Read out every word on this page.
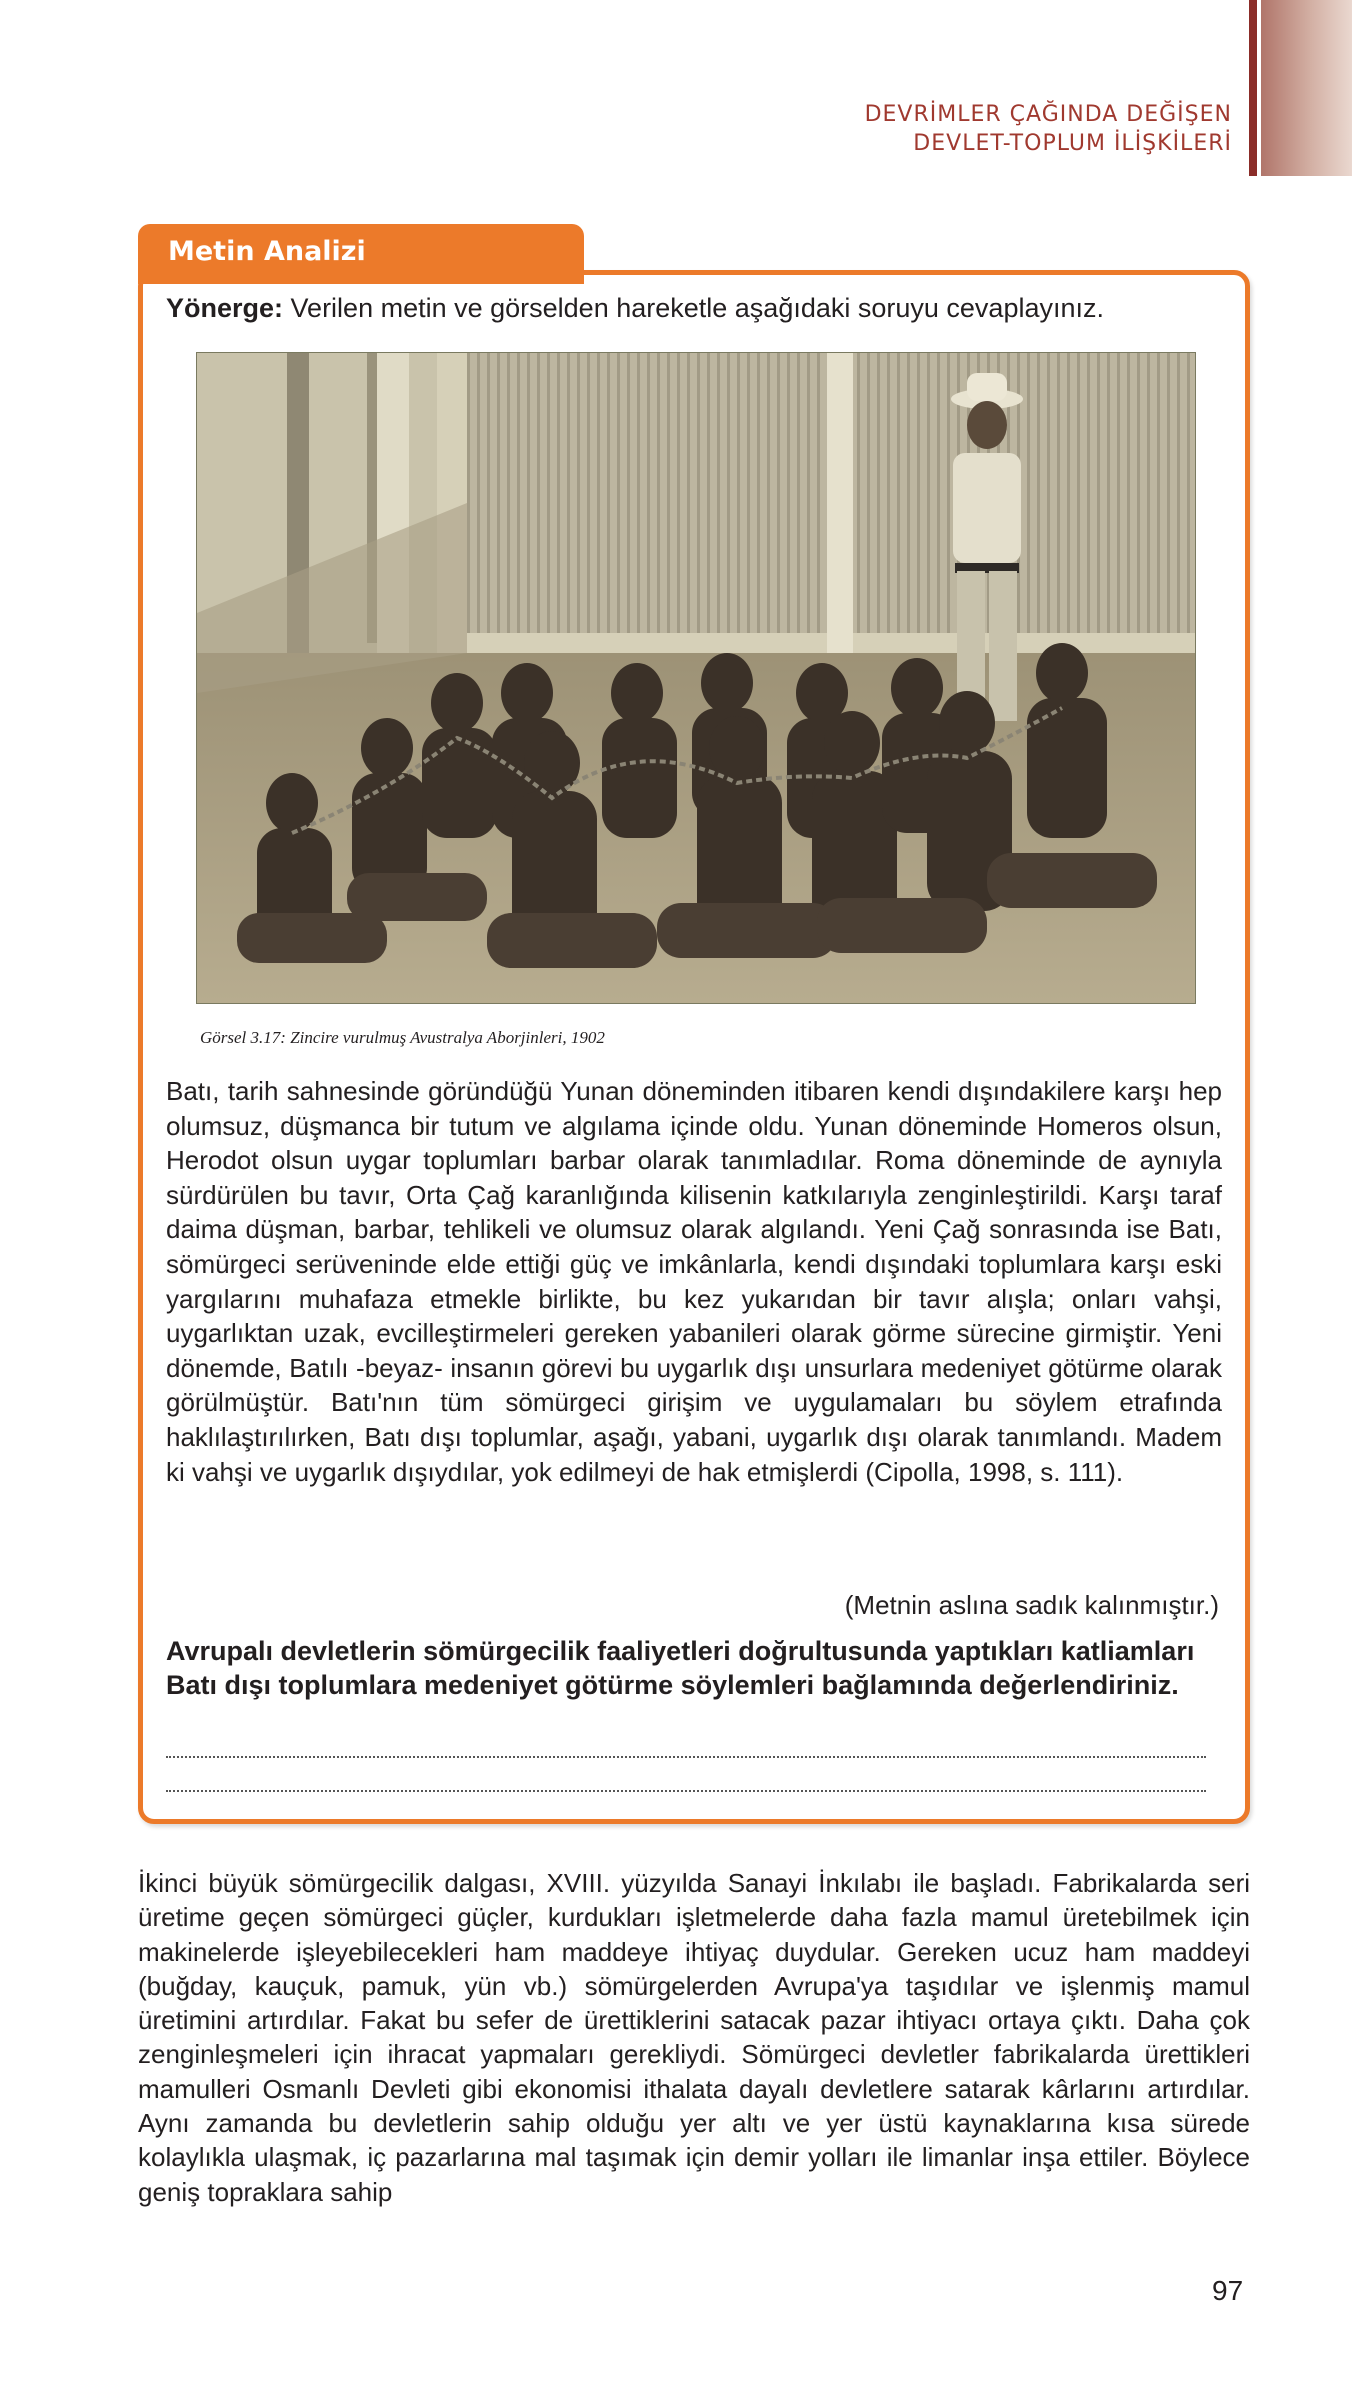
DEVRİMLER ÇAĞINDA DEĞİŞEN
DEVLET-TOPLUM İLİŞKİLERİ
Metin Analizi
Yönerge: Verilen metin ve görselden hareketle aşağıdaki soruyu cevaplayınız.
Görsel 3.17: Zincire vurulmuş Avustralya Aborjinleri, 1902

Batı, tarih sahnesinde göründüğü Yunan döneminden itibaren kendi dışındakilere karşı hep olumsuz, düşmanca bir tutum ve algılama içinde oldu. Yunan döneminde Homeros olsun, Herodot olsun uygar toplumları barbar olarak tanımladılar. Roma döneminde de aynıyla sürdürülen bu tavır, Orta Çağ karanlığında kilisenin katkılarıyla zenginleştirildi. Karşı taraf daima düşman, barbar, tehlikeli ve olumsuz olarak algılandı. Yeni Çağ sonrasında ise Batı, sömürgeci serüveninde elde ettiği güç ve imkânlarla, kendi dışındaki toplumlara karşı eski yargılarını muhafaza etmekle birlikte, bu kez yukarıdan bir tavır alışla; onları vahşi, uygarlıktan uzak, evcilleştirmeleri gereken yabanileri olarak görme sürecine girmiştir. Yeni dönemde, Batılı -beyaz- insanın görevi bu uygarlık dışı unsurlara medeniyet götürme olarak görülmüştür. Batı'nın tüm sömürgeci girişim ve uygulamaları bu söylem etrafında haklılaştırılırken, Batı dışı toplumlar, aşağı, yabani, uygarlık dışı olarak tanımlandı. Madem ki vahşi ve uygarlık dışıydılar, yok edilmeyi de hak etmişlerdi (Cipolla, 1998, s. 111).

(Metnin aslına sadık kalınmıştır.)

Avrupalı devletlerin sömürgecilik faaliyetleri doğrultusunda yaptıkları katliamları Batı dışı toplumlara medeniyet götürme söylemleri bağlamında değerlendiriniz.

İkinci büyük sömürgecilik dalgası, XVIII. yüzyılda Sanayi İnkılabı ile başladı. Fabrikalarda seri üretime geçen sömürgeci güçler, kurdukları işletmelerde daha fazla mamul üretebilmek için makinelerde işleyebilecekleri ham maddeye ihtiyaç duydular. Gereken ucuz ham maddeyi (buğday, kauçuk, pamuk, yün vb.) sömürgelerden Avrupa'ya taşıdılar ve işlenmiş mamul üretimini artırdılar. Fakat bu sefer de ürettiklerini satacak pazar ihtiyacı ortaya çıktı. Daha çok zenginleşmeleri için ihracat yapmaları gerekliydi. Sömürgeci devletler fabrikalarda ürettikleri mamulleri Osmanlı Devleti gibi ekonomisi ithalata dayalı devletlere satarak kârlarını artırdılar. Aynı zamanda bu devletlerin sahip olduğu yer altı ve yer üstü kaynaklarına kısa sürede kolaylıkla ulaşmak, iç pazarlarına mal taşımak için demir yolları ile limanlar inşa ettiler. Böylece geniş topraklara sahip

97
